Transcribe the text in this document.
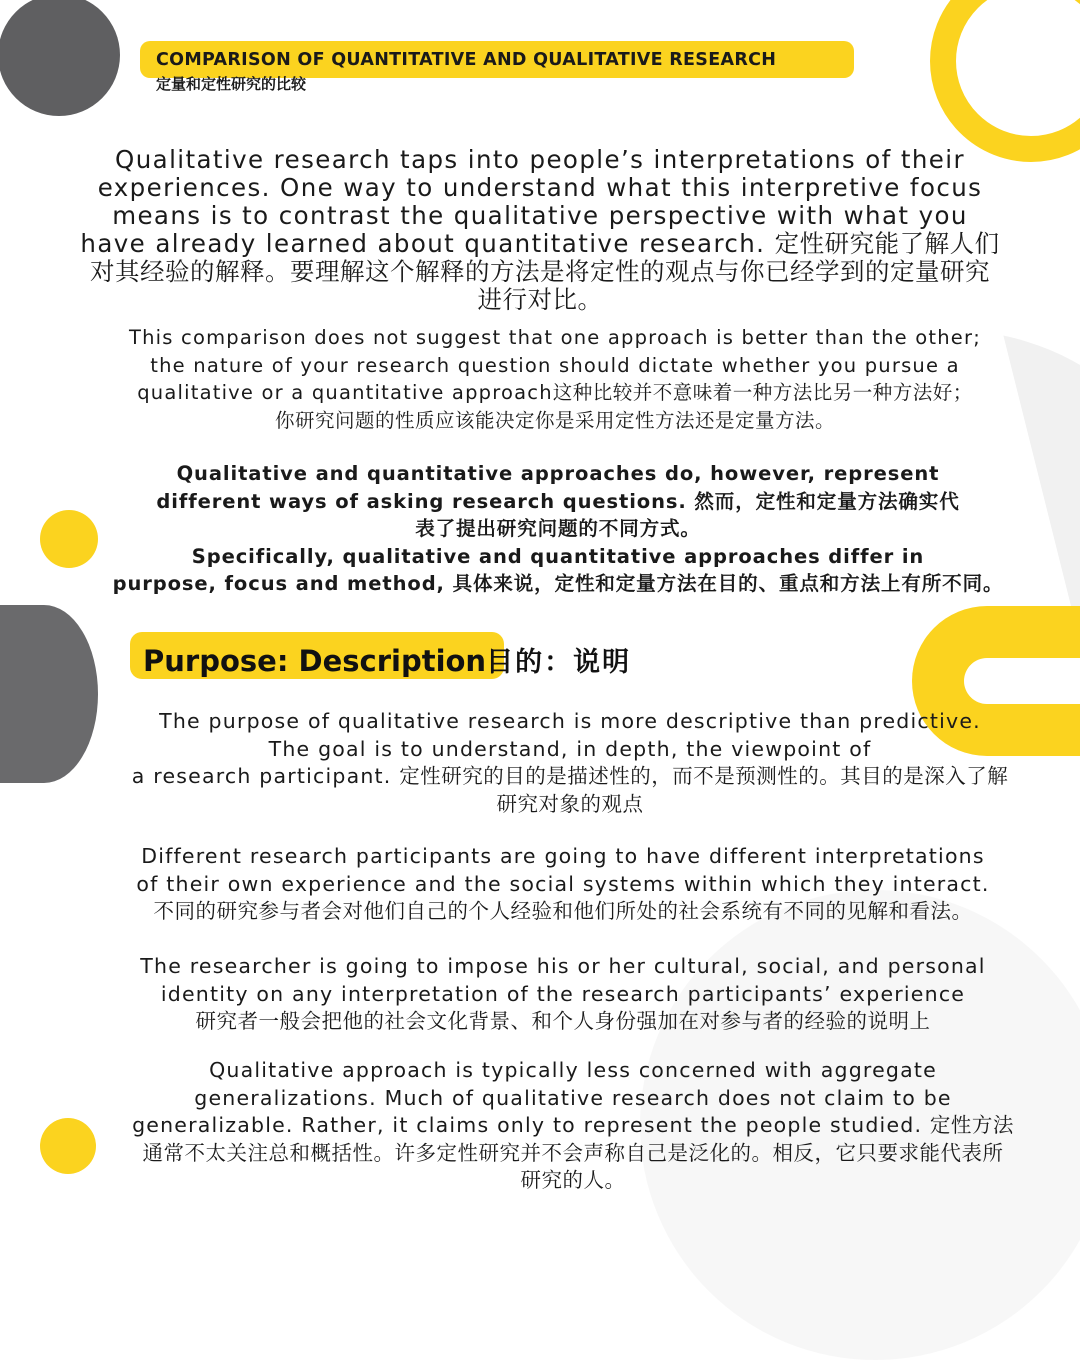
COMPARISON OF QUANTITATIVE AND QUALITATIVE RESEARCH
定量和定性研究的比较
Qualitative research taps into people’s interpretations of their
experiences. One way to understand what this interpretive focus
means is to contrast the qualitative perspective with what you
have already learned about quantitative research. 定性研究能了解人们
对其经验的解释。要理解这个解释的方法是将定性的观点与你已经学到的定量研究
进行对比。
This comparison does not suggest that one approach is better than the other;
the nature of your research question should dictate whether you pursue a
qualitative or a quantitative approach这种比较并不意味着一种方法比另一种方法好；
你研究问题的性质应该能决定你是采用定性方法还是定量方法。
Qualitative and quantitative approaches do, however, represent
different ways of asking research questions. 然而，定性和定量方法确实代
表了提出研究问题的不同方式。
Specifically, qualitative and quantitative approaches differ in
purpose, focus and method, 具体来说，定性和定量方法在目的、重点和方法上有所不同。
Purpose: Description目的：说明
The purpose of qualitative research is more descriptive than predictive.
The goal is to understand, in depth, the viewpoint of
a research participant. 定性研究的目的是描述性的，而不是预测性的。其目的是深入了解
研究对象的观点
Different research participants are going to have different interpretations
of their own experience and the social systems within which they interact.
不同的研究参与者会对他们自己的个人经验和他们所处的社会系统有不同的见解和看法。
The researcher is going to impose his or her cultural, social, and personal
identity on any interpretation of the research participants’ experience
研究者一般会把他的社会文化背景、和个人身份强加在对参与者的经验的说明上
Qualitative approach is typically less concerned with aggregate
generalizations. Much of qualitative research does not claim to be
generalizable. Rather, it claims only to represent the people studied. 定性方法
通常不太关注总和概括性。许多定性研究并不会声称自己是泛化的。相反，它只要求能代表所
研究的人。
